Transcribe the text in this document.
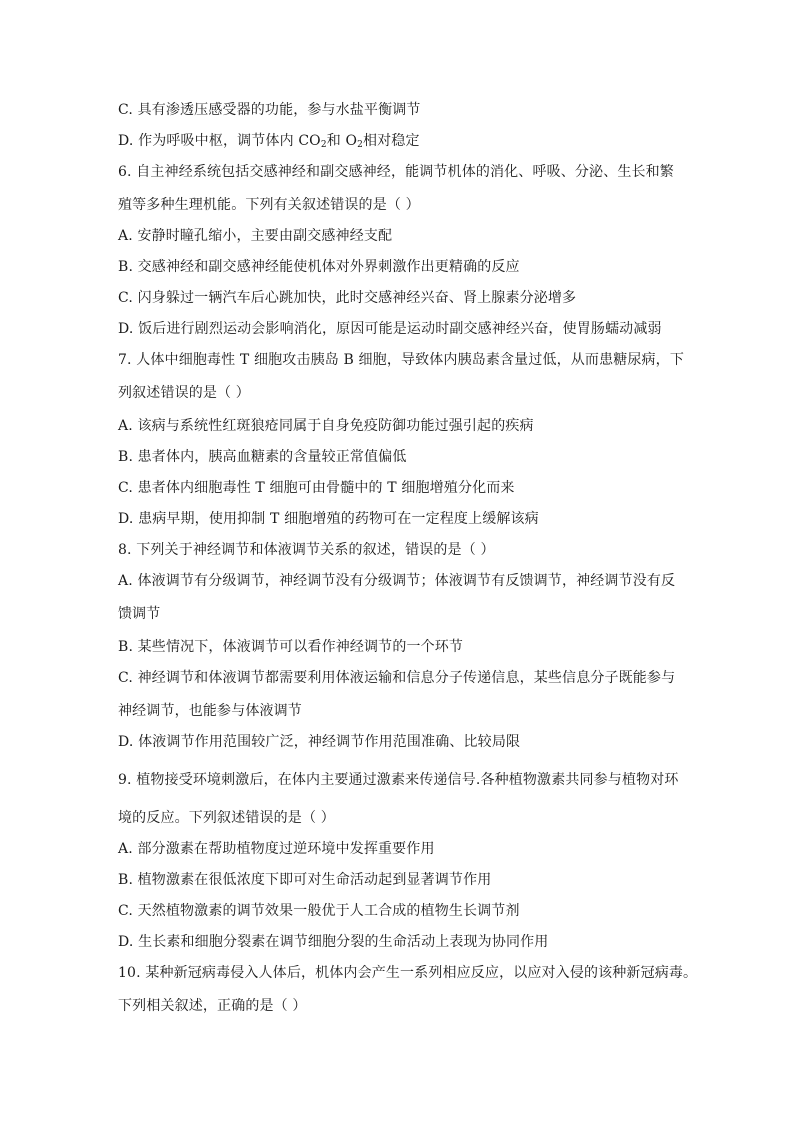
C. 具有渗透压感受器的功能，参与水盐平衡调节

D. 作为呼吸中枢，调节体内 $CO_2$和 $O_2$相对稳定

6. 自主神经系统包括交感神经和副交感神经，能调节机体的消化、呼吸、分泌、生长和繁

殖等多种生理机能。下列有关叙述错误的是（ ）

A. 安静时瞳孔缩小，主要由副交感神经支配

B. 交感神经和副交感神经能使机体对外界刺激作出更精确的反应

C. 闪身躲过一辆汽车后心跳加快，此时交感神经兴奋、肾上腺素分泌增多

D. 饭后进行剧烈运动会影响消化，原因可能是运动时副交感神经兴奋，使胃肠蠕动减弱

7. 人体中细胞毒性 T 细胞攻击胰岛 B 细胞，导致体内胰岛素含量过低，从而患糖尿病，下

列叙述错误的是（ ）

A. 该病与系统性红斑狼疮同属于自身免疫防御功能过强引起的疾病

B. 患者体内，胰高血糖素的含量较正常值偏低

C. 患者体内细胞毒性 T 细胞可由骨髓中的 T 细胞增殖分化而来

D. 患病早期，使用抑制 T 细胞增殖的药物可在一定程度上缓解该病

8. 下列关于神经调节和体液调节关系的叙述，错误的是（ ）

A. 体液调节有分级调节，神经调节没有分级调节；体液调节有反馈调节，神经调节没有反

馈调节

B. 某些情况下，体液调节可以看作神经调节的一个环节

C. 神经调节和体液调节都需要利用体液运输和信息分子传递信息，某些信息分子既能参与

神经调节，也能参与体液调节

D. 体液调节作用范围较广泛，神经调节作用范围准确、比较局限

9. 植物接受环境刺激后，在体内主要通过激素来传递信号.各种植物激素共同参与植物对环

境的反应。下列叙述错误的是（ ）

A. 部分激素在帮助植物度过逆环境中发挥重要作用

B. 植物激素在很低浓度下即可对生命活动起到显著调节作用

C. 天然植物激素的调节效果一般优于人工合成的植物生长调节剂

D. 生长素和细胞分裂素在调节细胞分裂的生命活动上表现为协同作用

10. 某种新冠病毒侵入人体后，机体内会产生一系列相应反应，以应对入侵的该种新冠病毒。

下列相关叙述，正确的是（ ）
